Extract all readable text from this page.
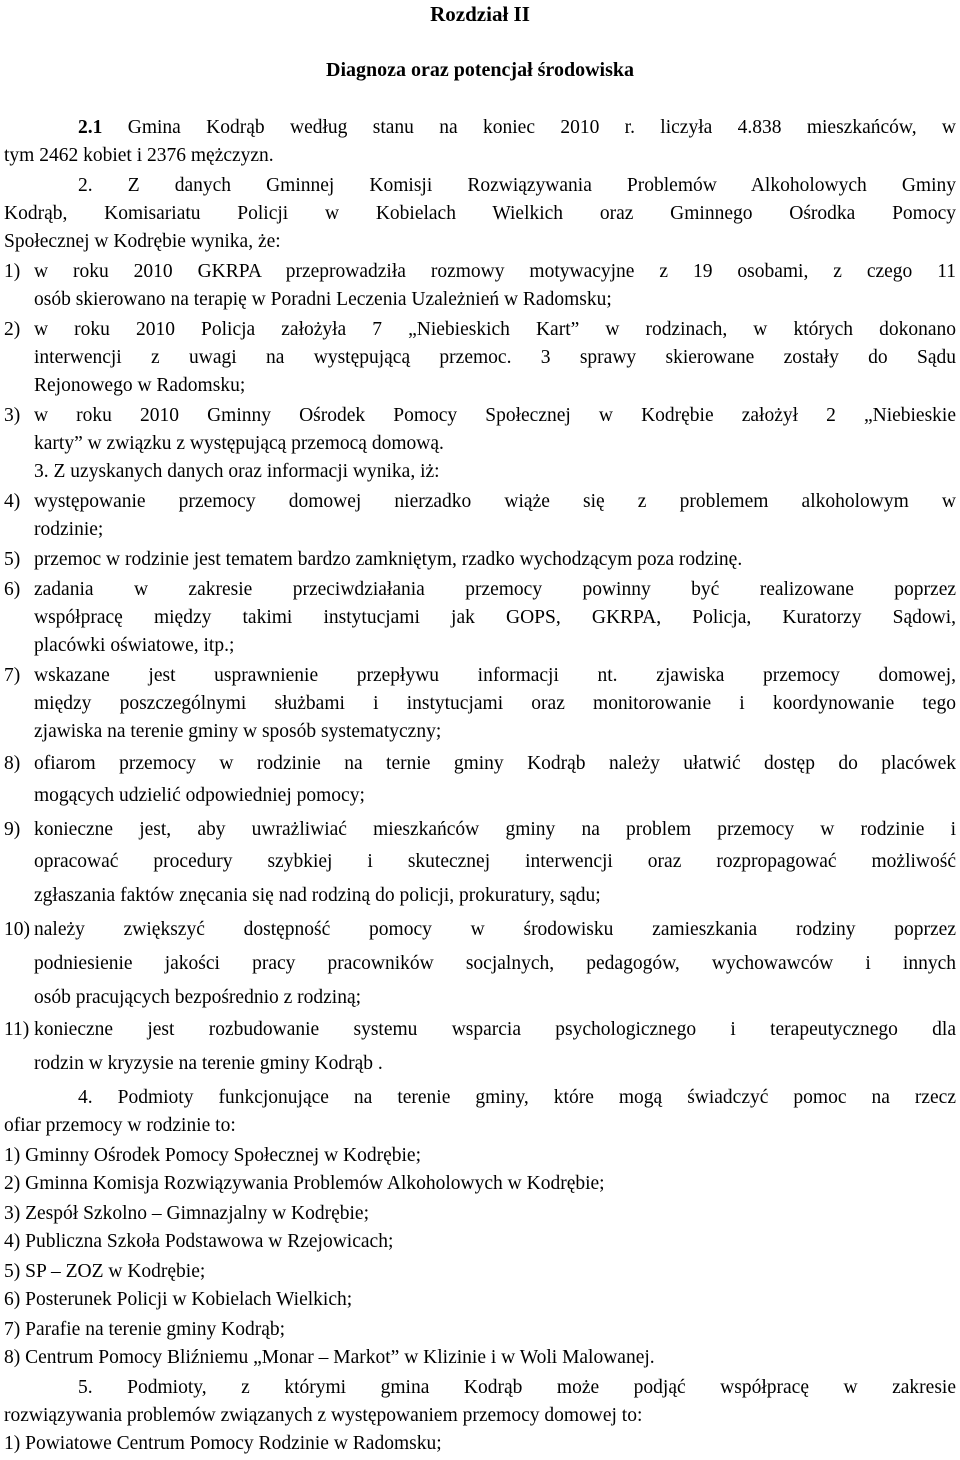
Rozdział II
Diagnoza oraz potencjał środowiska
2.1 Gmina Kodrąb według stanu na koniec 2010 r. liczyła 4.838 mieszkańców, w
tym 2462 kobiet i 2376 mężczyzn.
2. Z danych Gminnej Komisji Rozwiązywania Problemów Alkoholowych Gminy
Kodrąb, Komisariatu Policji w Kobielach Wielkich oraz Gminnego Ośrodka Pomocy
Społecznej w Kodrębie wynika, że:
1) w roku 2010 GKRPA przeprowadziła rozmowy motywacyjne z 19 osobami, z czego 11
osób skierowano na terapię w Poradni Leczenia Uzależnień w Radomsku;
2) w roku 2010 Policja założyła 7 „Niebieskich Kart” w rodzinach, w których dokonano
interwencji z uwagi na występującą przemoc. 3 sprawy skierowane zostały do Sądu
Rejonowego w Radomsku;
3) w roku 2010 Gminny Ośrodek Pomocy Społecznej w Kodrębie założył 2 „Niebieskie
karty” w związku z występującą przemocą domową.
3. Z uzyskanych danych oraz informacji wynika, iż:
4) występowanie przemocy domowej nierzadko wiąże się z problemem alkoholowym w
rodzinie;
5) przemoc w rodzinie jest tematem bardzo zamkniętym, rzadko wychodzącym poza rodzinę.
6) zadania w zakresie przeciwdziałania przemocy powinny być realizowane poprzez
współpracę między takimi instytucjami jak GOPS, GKRPA, Policja, Kuratorzy Sądowi,
placówki oświatowe, itp.;
7) wskazane jest usprawnienie przepływu informacji nt. zjawiska przemocy domowej,
między poszczególnymi służbami i instytucjami oraz monitorowanie i koordynowanie tego
zjawiska na terenie gminy w sposób systematyczny;
8) ofiarom przemocy w rodzinie na ternie gminy Kodrąb należy ułatwić dostęp do placówek
mogących udzielić odpowiedniej pomocy;
9) konieczne jest, aby uwrażliwiać mieszkańców gminy na problem przemocy w rodzinie i
opracować procedury szybkiej i skutecznej interwencji oraz rozpropagować możliwość
zgłaszania faktów znęcania się nad rodziną do policji, prokuratury, sądu;
10) należy zwiększyć dostępność pomocy w środowisku zamieszkania rodziny poprzez
podniesienie jakości pracy pracowników socjalnych, pedagogów, wychowawców i innych
osób pracujących bezpośrednio z rodziną;
11) konieczne jest rozbudowanie systemu wsparcia psychologicznego i terapeutycznego dla
rodzin w kryzysie na terenie gminy Kodrąb .
4. Podmioty funkcjonujące na terenie gminy, które mogą świadczyć pomoc na rzecz
ofiar przemocy w rodzinie to:
1) Gminny Ośrodek Pomocy Społecznej w Kodrębie;
2) Gminna Komisja Rozwiązywania Problemów Alkoholowych w Kodrębie;
3) Zespół Szkolno – Gimnazjalny w Kodrębie;
4) Publiczna Szkoła Podstawowa w Rzejowicach;
5) SP – ZOZ w Kodrębie;
6) Posterunek Policji w Kobielach Wielkich;
7) Parafie na terenie gminy Kodrąb;
8) Centrum Pomocy Bliźniemu „Monar – Markot” w Klizinie i w Woli Malowanej.
5. Podmioty, z którymi gmina Kodrąb może podjąć współpracę w zakresie
rozwiązywania problemów związanych z występowaniem przemocy domowej to:
1) Powiatowe Centrum Pomocy Rodzinie w Radomsku;
